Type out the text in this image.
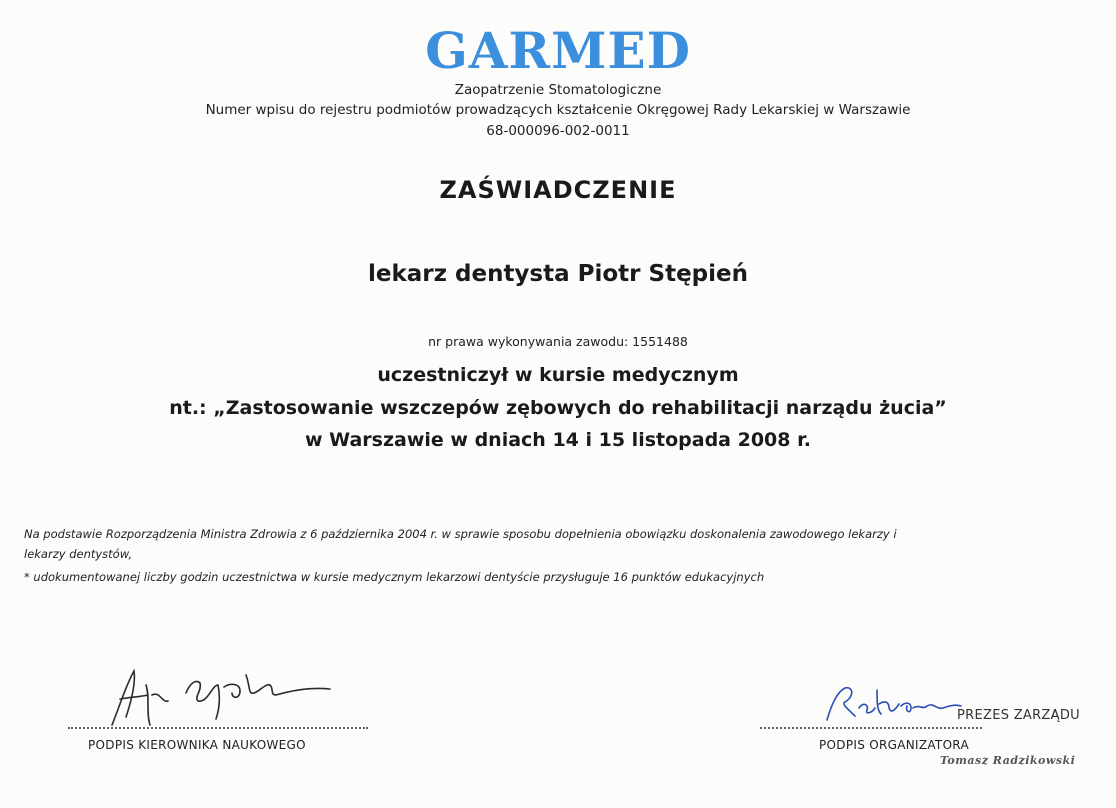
GARMED
Zaopatrzenie Stomatologiczne
Numer wpisu do rejestru podmiotów prowadzących kształcenie Okręgowej Rady Lekarskiej w Warszawie
68-000096-002-0011
ZAŚWIADCZENIE
lekarz dentysta Piotr Stępień
nr prawa wykonywania zawodu: 1551488
uczestniczył w kursie medycznym
nt.: „Zastosowanie wszczepów zębowych do rehabilitacji narządu żucia”
w Warszawie w dniach 14 i 15 listopada 2008 r.
Na podstawie Rozporządzenia Ministra Zdrowia z 6 października 2004 r. w sprawie sposobu dopełnienia obowiązku doskonalenia zawodowego lekarzy i
lekarzy dentystów,
* udokumentowanej liczby godzin uczestnictwa w kursie medycznym lekarzowi dentyście przysługuje 16 punktów edukacyjnych
PODPIS KIEROWNIKA NAUKOWEGO
PREZES ZARZĄDU
PODPIS ORGANIZATORA
Tomasz Radzikowski
